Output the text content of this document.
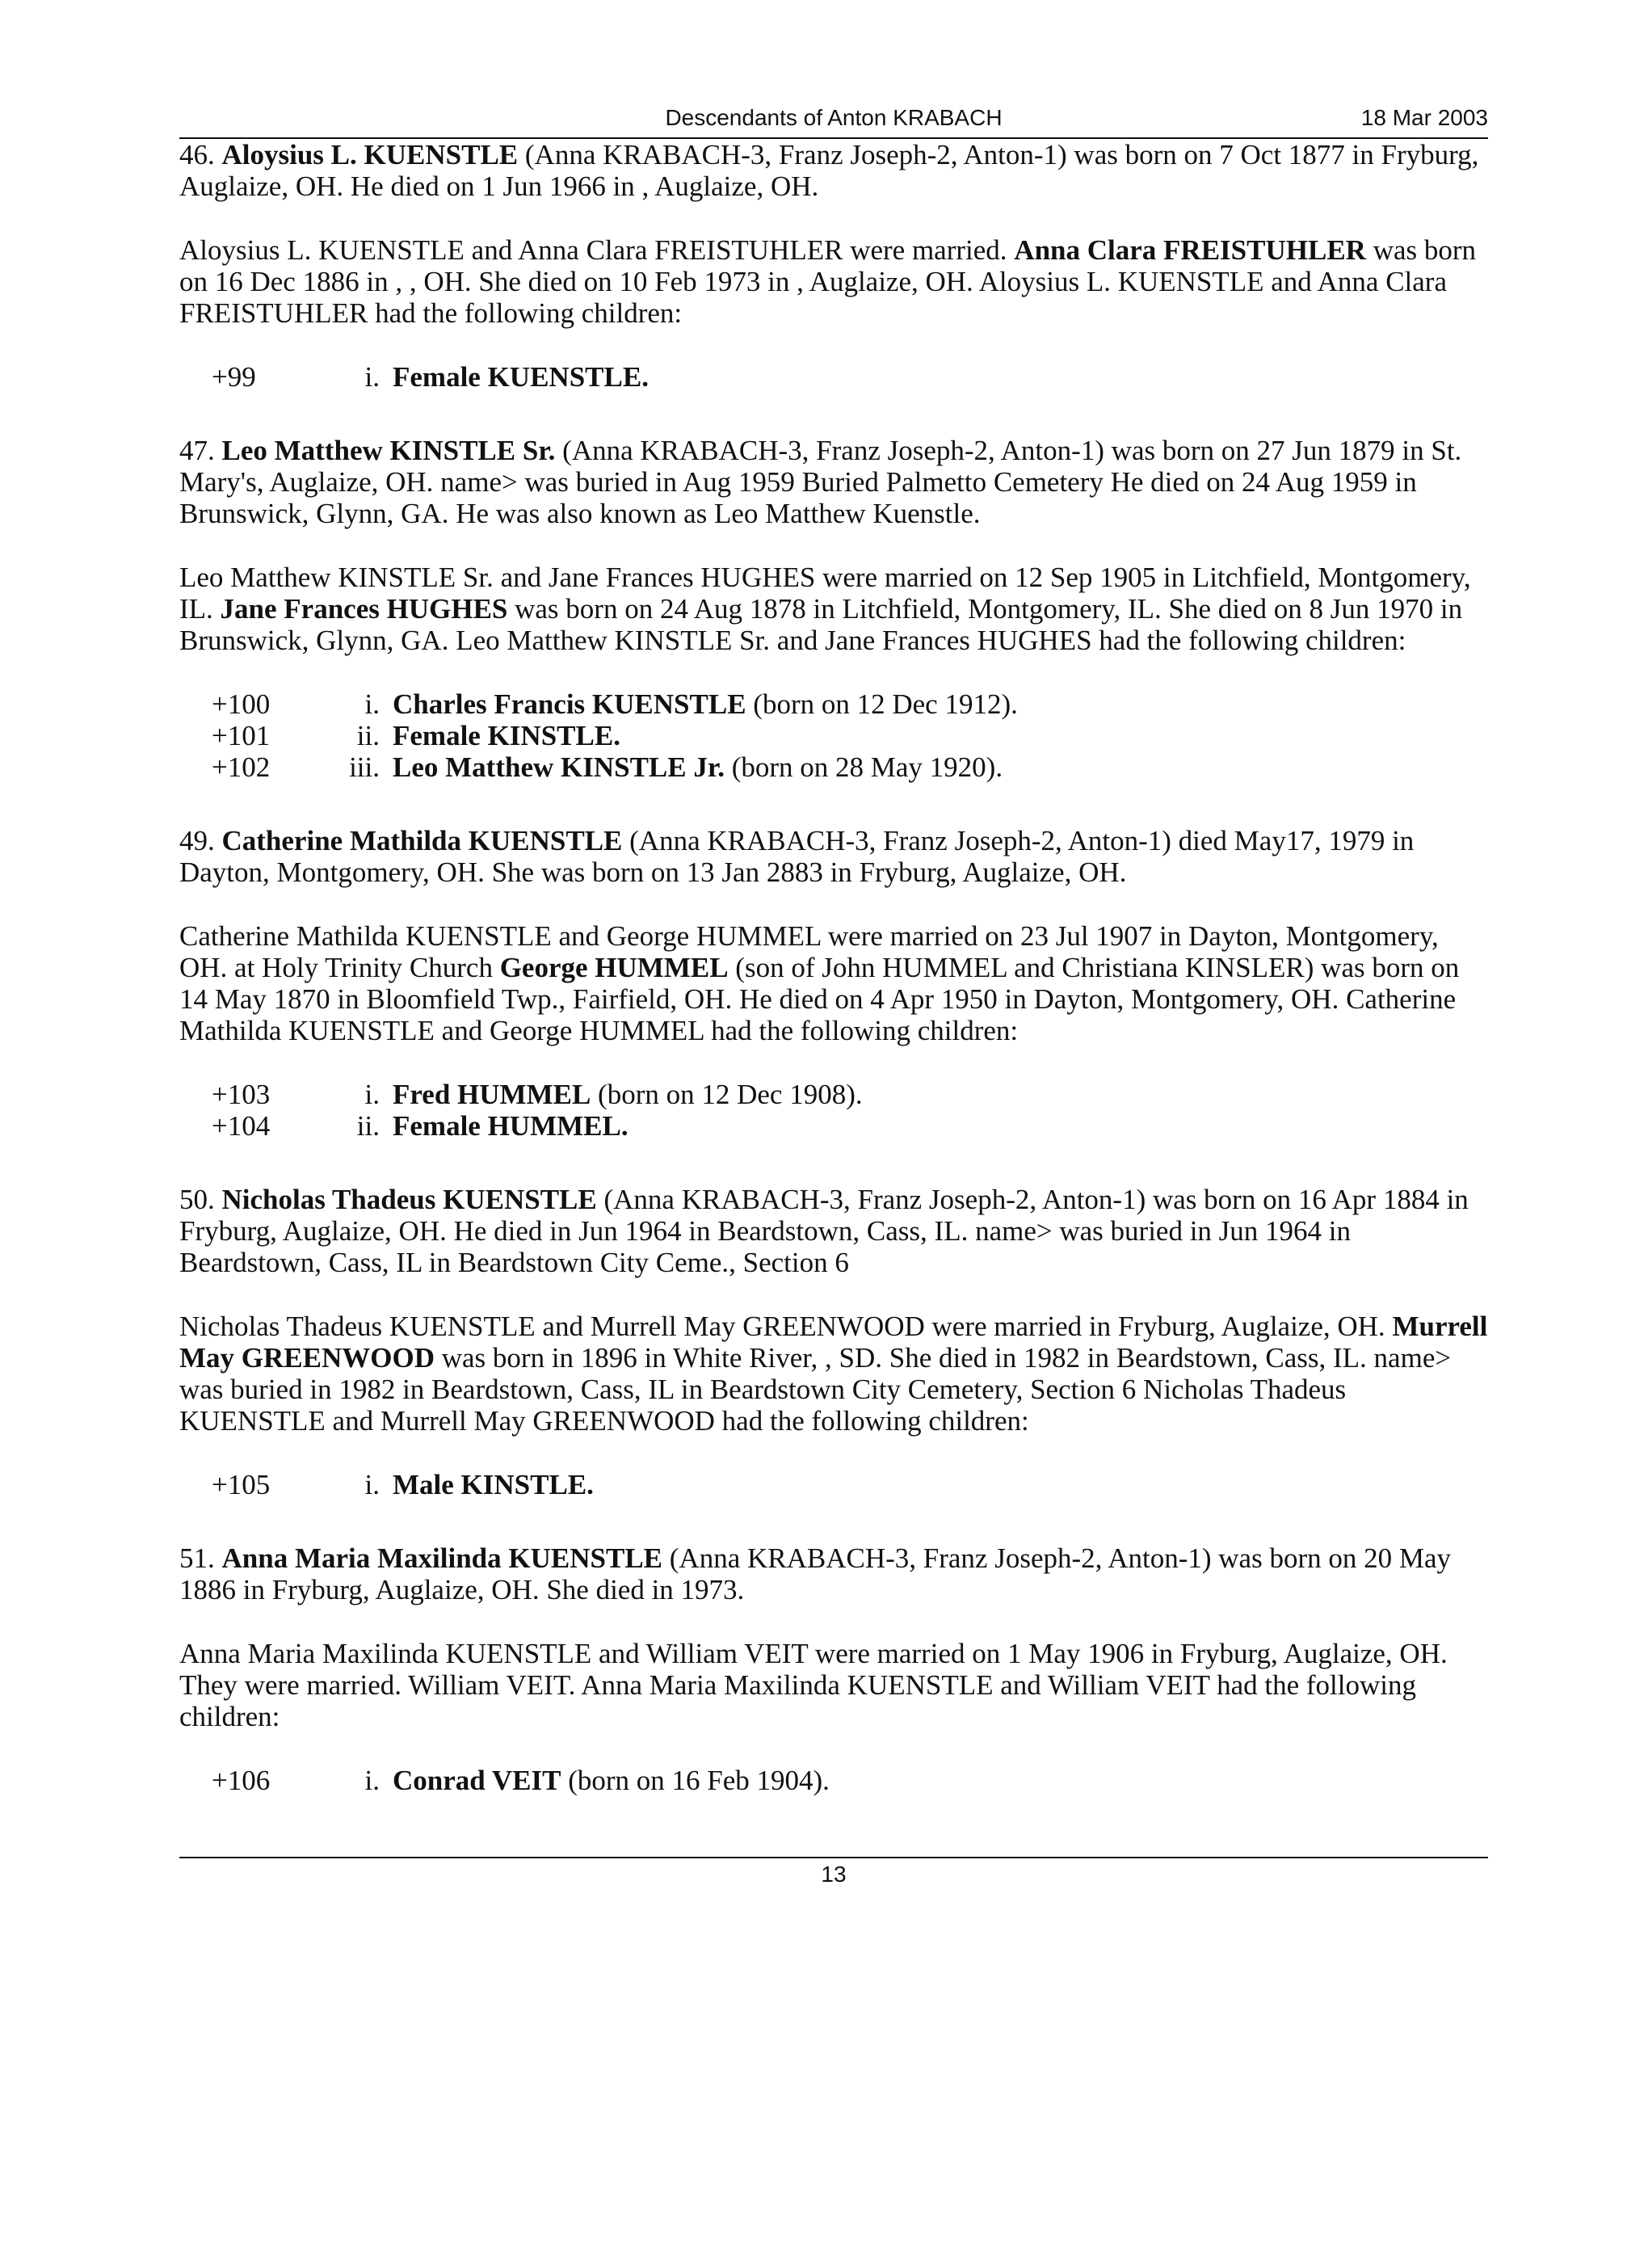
Descendants of Anton KRABACH	18 Mar 2003

46. Aloysius L. KUENSTLE (Anna KRABACH-3, Franz Joseph-2, Anton-1) was born on 7 Oct 1877 in Fryburg, Auglaize, OH. He died on 1 Jun 1966 in , Auglaize, OH.

Aloysius L. KUENSTLE and Anna Clara FREISTUHLER were married. Anna Clara FREISTUHLER was born on 16 Dec 1886 in , , OH. She died on 10 Feb 1973 in , Auglaize, OH. Aloysius L. KUENSTLE and Anna Clara FREISTUHLER had the following children:

+99	i. Female KUENSTLE.

47. Leo Matthew KINSTLE Sr. (Anna KRABACH-3, Franz Joseph-2, Anton-1) was born on 27 Jun 1879 in St. Mary's, Auglaize, OH. name> was buried in Aug 1959 Buried Palmetto Cemetery He died on 24 Aug 1959 in Brunswick, Glynn, GA. He was also known as Leo Matthew Kuenstle.

Leo Matthew KINSTLE Sr. and Jane Frances HUGHES were married on 12 Sep 1905 in Litchfield, Montgomery, IL. Jane Frances HUGHES was born on 24 Aug 1878 in Litchfield, Montgomery, IL. She died on 8 Jun 1970 in Brunswick, Glynn, GA. Leo Matthew KINSTLE Sr. and Jane Frances HUGHES had the following children:

+100	i. Charles Francis KUENSTLE (born on 12 Dec 1912).
+101	ii. Female KINSTLE.
+102	iii. Leo Matthew KINSTLE Jr. (born on 28 May 1920).

49. Catherine Mathilda KUENSTLE (Anna KRABACH-3, Franz Joseph-2, Anton-1) died May17, 1979 in Dayton, Montgomery, OH. She was born on 13 Jan 2883 in Fryburg, Auglaize, OH.

Catherine Mathilda KUENSTLE and George HUMMEL were married on 23 Jul 1907 in Dayton, Montgomery, OH. at Holy Trinity Church George HUMMEL (son of John HUMMEL and Christiana KINSLER) was born on 14 May 1870 in Bloomfield Twp., Fairfield, OH. He died on 4 Apr 1950 in Dayton, Montgomery, OH. Catherine Mathilda KUENSTLE and George HUMMEL had the following children:

+103	i. Fred HUMMEL (born on 12 Dec 1908).
+104	ii. Female HUMMEL.

50. Nicholas Thadeus KUENSTLE (Anna KRABACH-3, Franz Joseph-2, Anton-1) was born on 16 Apr 1884 in Fryburg, Auglaize, OH. He died in Jun 1964 in Beardstown, Cass, IL. name> was buried in Jun 1964 in Beardstown, Cass, IL in Beardstown City Ceme., Section 6

Nicholas Thadeus KUENSTLE and Murrell May GREENWOOD were married in Fryburg, Auglaize, OH. Murrell May GREENWOOD was born in 1896 in White River, , SD. She died in 1982 in Beardstown, Cass, IL. name> was buried in 1982 in Beardstown, Cass, IL in Beardstown City Cemetery, Section 6 Nicholas Thadeus KUENSTLE and Murrell May GREENWOOD had the following children:

+105	i. Male KINSTLE.

51. Anna Maria Maxilinda KUENSTLE (Anna KRABACH-3, Franz Joseph-2, Anton-1) was born on 20 May 1886 in Fryburg, Auglaize, OH. She died in 1973.

Anna Maria Maxilinda KUENSTLE and William VEIT were married on 1 May 1906 in Fryburg, Auglaize, OH. They were married. William VEIT. Anna Maria Maxilinda KUENSTLE and William VEIT had the following children:

+106	i. Conrad VEIT (born on 16 Feb 1904).
13
